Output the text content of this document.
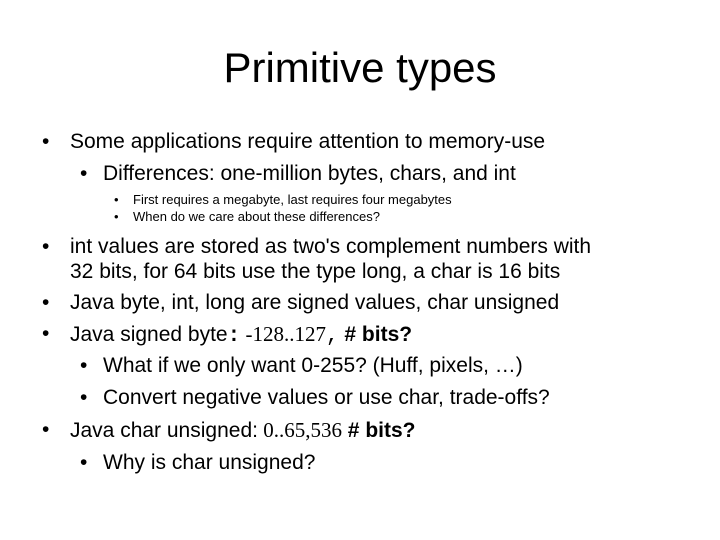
Primitive types
• Some applications require attention to memory-use
• Differences: one-million bytes, chars, and int
• First requires a megabyte, last requires four megabytes
• When do we care about these differences?
• int values are stored as two's complement numbers with
32 bits, for 64 bits use the type long, a char is 16 bits
• Java byte, int, long are signed values, char unsigned
• Java signed byte: -128..127, # bits?
• What if we only want 0-255? (Huff, pixels, …)
• Convert negative values or use char, trade-offs?
• Java char unsigned: 0..65,536 # bits?
• Why is char unsigned?
